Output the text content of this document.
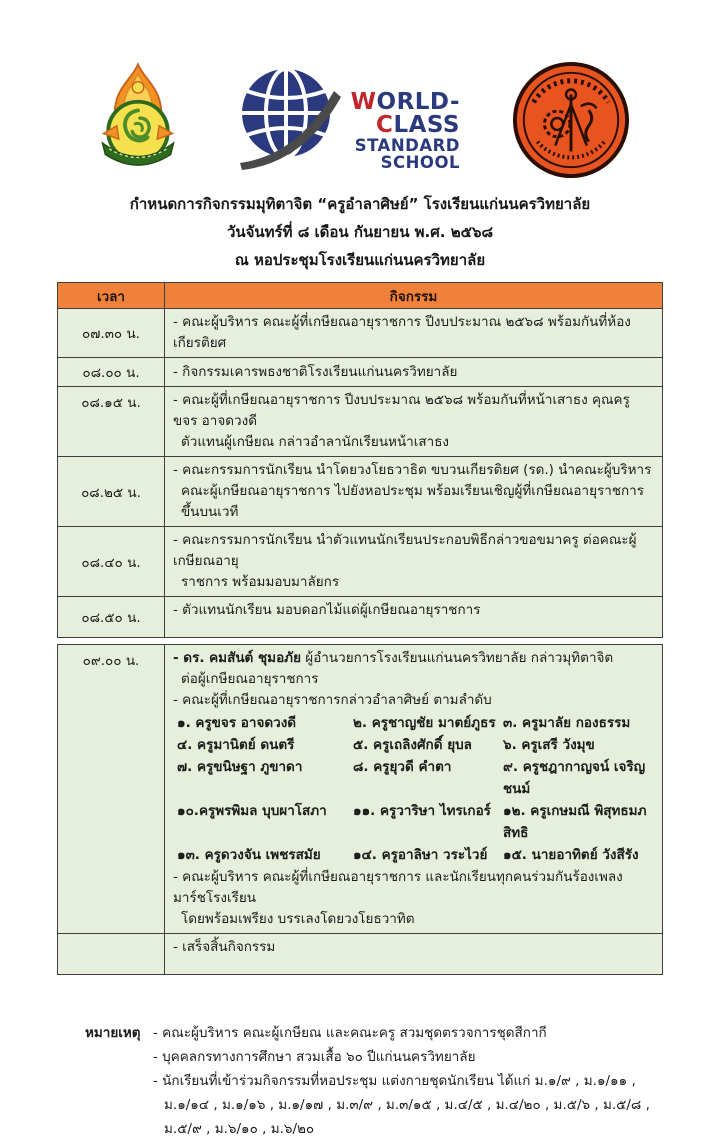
WORLD-CLASS
STANDARD SCHOOL
กำหนดการกิจกรรมมุทิตาจิต “ครูอำลาศิษย์” โรงเรียนแก่นนครวิทยาลัย
วันจันทร์ที่ ๘ เดือน กันยายน พ.ศ. ๒๕๖๘
ณ หอประชุมโรงเรียนแก่นนครวิทยาลัย
เวลา	กิจกรรม
๐๗.๓๐ น.	- คณะผู้บริหาร คณะผู้ที่เกษียณอายุราชการ ปีงบประมาณ ๒๕๖๘ พร้อมกันที่ห้องเกียรติยศ

๐๘.๐๐ น.	- กิจกรรมเคารพธงชาติโรงเรียนแก่นนครวิทยาลัย

๐๘.๑๕ น.	- คณะผู้ที่เกษียณอายุราชการ ปีงบประมาณ ๒๕๖๘ พร้อมกันที่หน้าเสาธง คุณครูขจร อาจดวงดี
ตัวแทนผู้เกษียณ กล่าวอำลานักเรียนหน้าเสาธง

๐๘.๒๕ น.	- คณะกรรมการนักเรียน นำโดยวงโยธวาธิต ขบวนเกียรติยศ (รด.) นำคณะผู้บริหาร
คณะผู้เกษียณอายุราชการ ไปยังหอประชุม พร้อมเรียนเชิญผู้ที่เกษียณอายุราชการขึ้นบนเวที

๐๘.๔๐ น.	- คณะกรรมการนักเรียน นำตัวแทนนักเรียนประกอบพิธีกล่าวขอขมาครู ต่อคณะผู้เกษียณอายุ
ราชการ พร้อมมอบมาลัยกร

๐๘.๕๐ น.	- ตัวแทนนักเรียน มอบดอกไม้แด่ผู้เกษียณอายุราชการ
๐๙.๐๐ น.	- ดร. คมสันต์ ชุมอภัย ผู้อำนวยการโรงเรียนแก่นนครวิทยาลัย กล่าวมุทิตาจิต
ต่อผู้เกษียณอายุราชการ
- คณะผู้ที่เกษียณอายุราชการกล่าวอำลาศิษย์ ตามลำดับ
๑. ครูขจร อาจดวงดี	๒. ครูชาญชัย มาตย์ภูธร ๓. ครูมาลัย กองธรรม
๔. ครูมานิตย์ ดนตรี	๕. ครูเถลิงศักดิ์ ยุบล	๖. ครูเสรี วังมุข
๗. ครูขนิษฐา ภูขาดา	๘. ครูยุวดี คำตา	๙. ครูชฎากาญจน์ เจริญชนม์
๑๐.ครูพรพิมล บุบผาโสภา	๑๑. ครูวาริษา ไทรเกอร์ ๑๒. ครูเกษมณี พิสุทธมภสิทธิ
๑๓. ครูดวงจัน เพชรสมัย	๑๔. ครูอาลิษา วระไวย์	๑๕. นายอาทิตย์ วังสีรัง
- คณะผู้บริหาร คณะผู้ที่เกษียณอายุราชการ และนักเรียนทุกคนร่วมกันร้องเพลงมาร์ชโรงเรียน
โดยพร้อมเพรียง บรรเลงโดยวงโยธวาทิต

	- เสร็จสิ้นกิจกรรม
หมายเหตุ - คณะผู้บริหาร คณะผู้เกษียณ และคณะครู สวมชุดตรวจการชุดสีกากี
- บุคคลกรทางการศึกษา สวมเสื้อ ๖๐ ปีแก่นนครวิทยาลัย
- นักเรียนที่เข้าร่วมกิจกรรมที่หอประชุม แต่งกายชุดนักเรียน ได้แก่ ม.๑/๙ , ม.๑/๑๑ , ม.๑/๑๔ , ม.๑/๑๖ , ม.๑/๑๗ , ม.๓/๙ , ม.๓/๑๕ , ม.๔/๕ , ม.๔/๒๐ , ม.๕/๖ , ม.๕/๘ , ม.๕/๙ , ม.๖/๑๐ , ม.๖/๒๐
